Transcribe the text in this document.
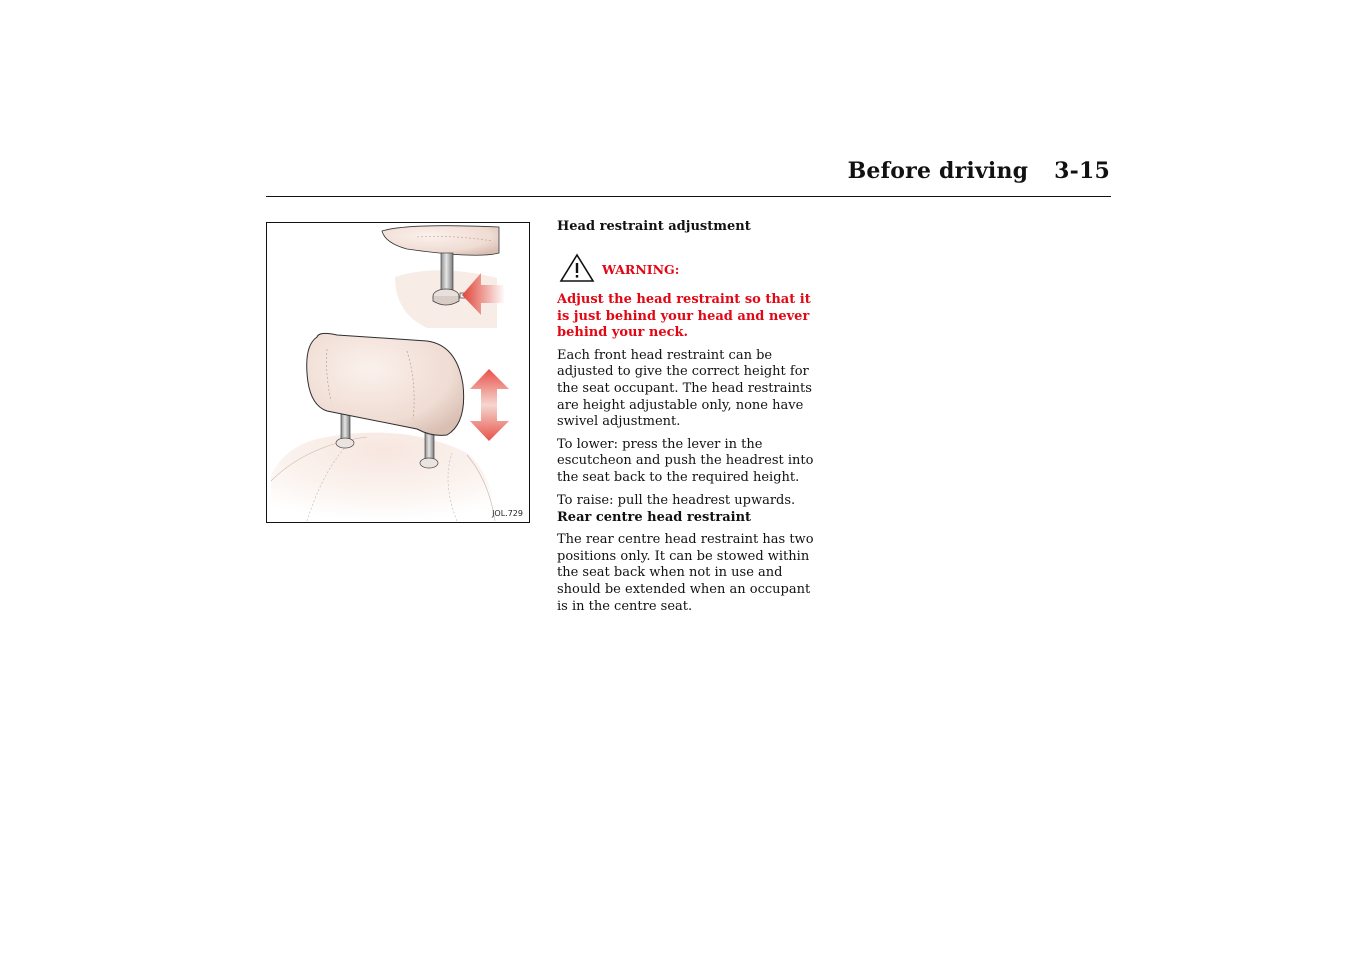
Before driving 3-15
JOL.729
Head restraint adjustment
WARNING:

Adjust the head restraint so that it is just behind your head and never behind your neck.

Each front head restraint can be adjusted to give the correct height for the seat occupant. The head restraints are height adjustable only, none have swivel adjustment.

To lower: press the lever in the escutcheon and push the headrest into the seat back to the required height.

To raise: pull the headrest upwards.

Rear centre head restraint

The rear centre head restraint has two positions only. It can be stowed within the seat back when not in use and should be extended when an occupant is in the centre seat.
